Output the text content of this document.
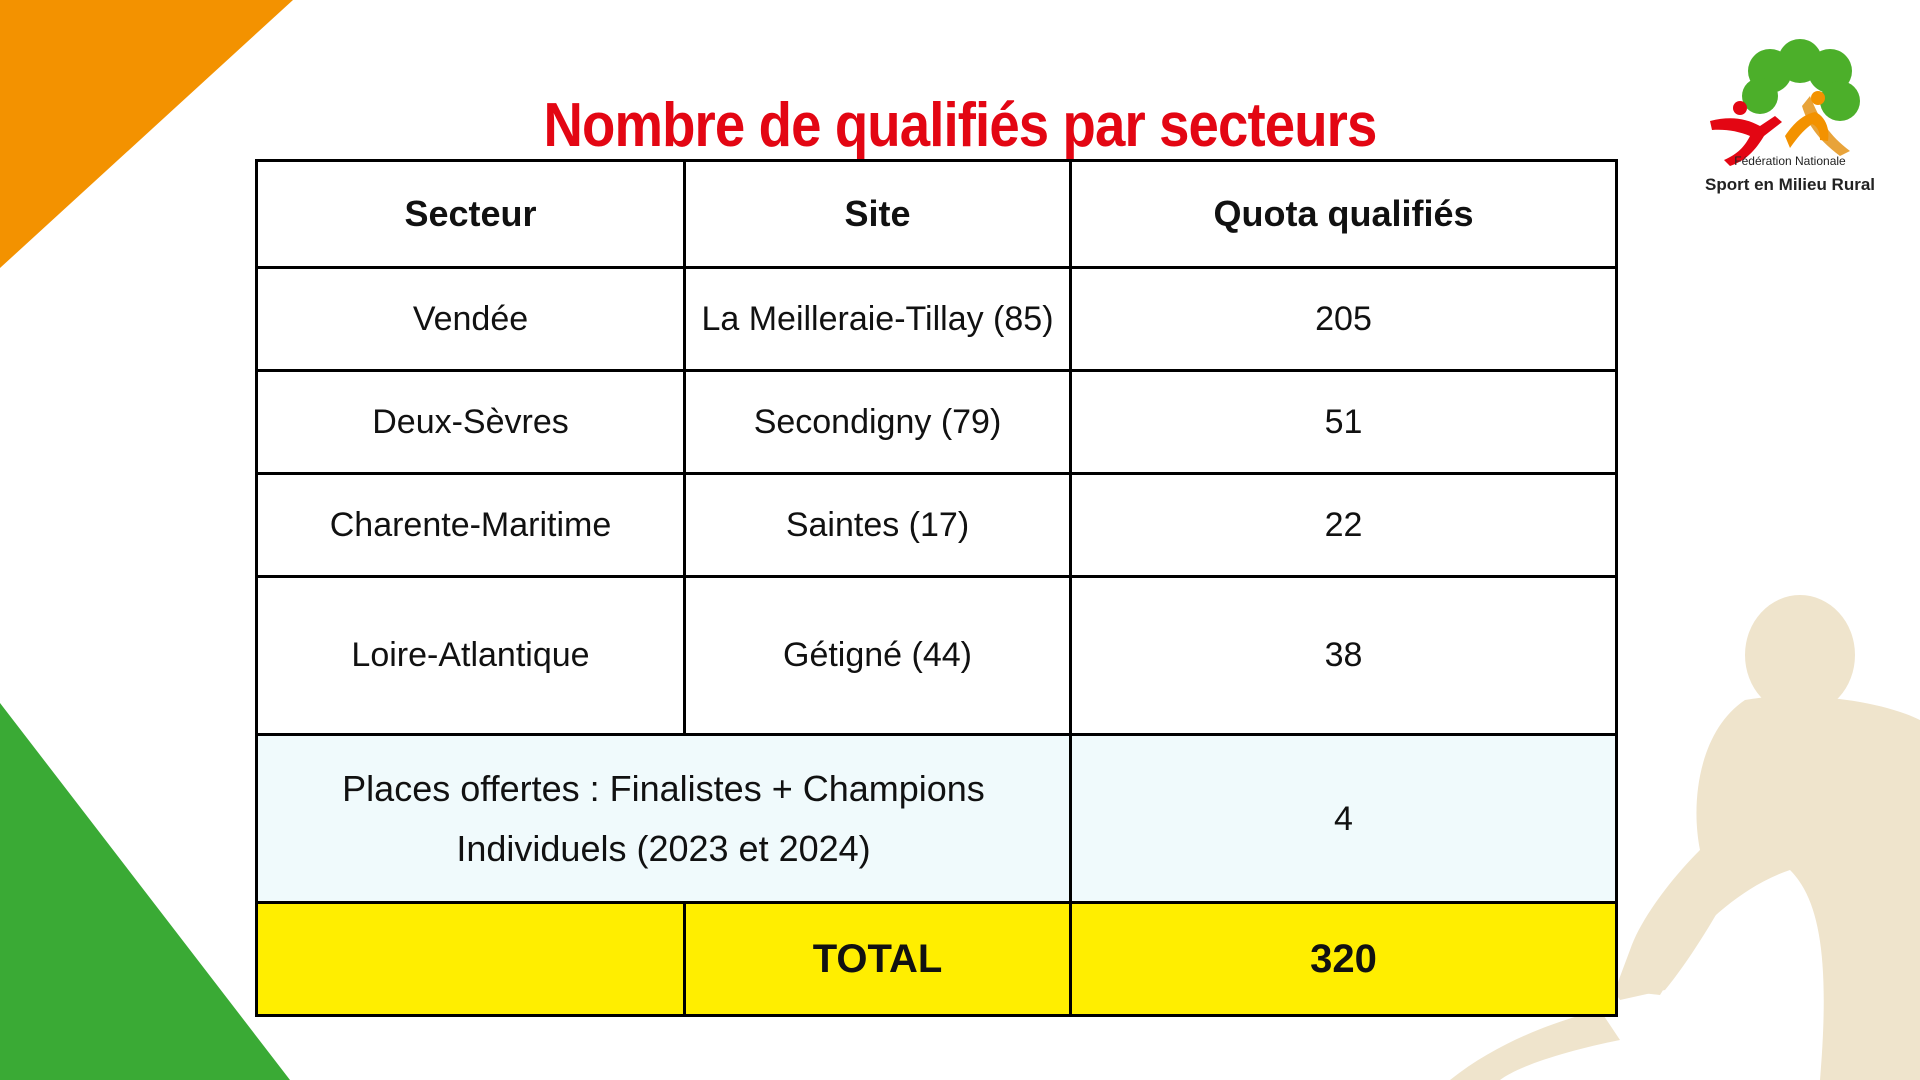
Nombre de qualifiés par secteurs
Fédération Nationale
Sport en Milieu Rural
Secteur	Site	Quota qualifiés
Vendée	La Meilleraie-Tillay (85)	205
Deux-Sèvres	Secondigny (79)	51
Charente-Maritime	Saintes (17)	22
Loire-Atlantique	Gétigné (44)	38

Places offertes : Finalistes + Champions
Individuels (2023 et 2024)		4
	TOTAL	320
